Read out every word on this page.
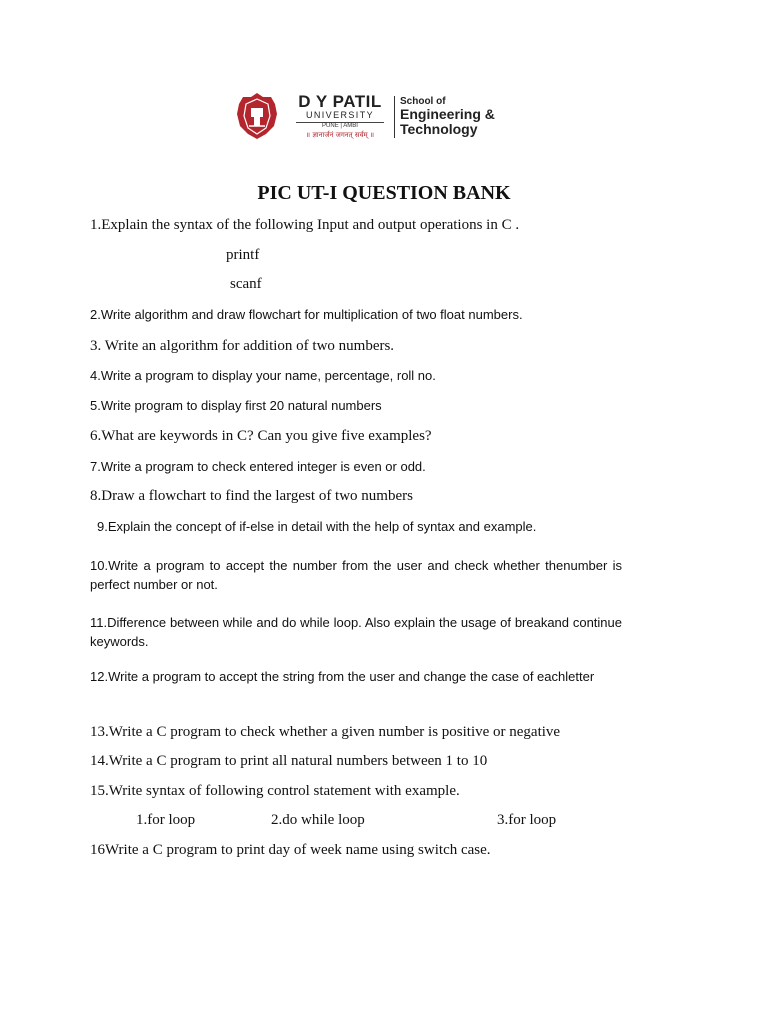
D Y PATIL
UNIVERSITY
PUNE | AMBI
॥ ज्ञानार्जनं जगनत् सर्वम् ॥
School of
Engineering &
Technology
PIC UT-I QUESTION BANK
1.Explain the syntax of the following Input and output operations in C .
printf
scanf
2.Write algorithm and draw flowchart for multiplication of two float numbers.
3. Write an algorithm for addition of two numbers.
4.Write a program to display your name, percentage, roll no.
5.Write program to display first 20 natural numbers
6.What are keywords in C? Can you give five examples?
7.Write a program to check entered integer is even or odd.
8.Draw a flowchart to find the largest of two numbers
9.Explain the concept of if-else in detail with the help of syntax and example.
10.Write a program to accept the number from the user and check whether thenumber is perfect number or not.
11.Difference between while and do while loop. Also explain the usage of breakand continue keywords.
12.Write a program to accept the string from the user and change the case of eachletter
13.Write a C program to check whether a given number is positive or negative
14.Write a C program to print all natural numbers between 1 to 10
15.Write syntax of following control statement with example.
1.for loop	2.do while loop	3.for loop
16Write a C program to print day of week name using switch case.
